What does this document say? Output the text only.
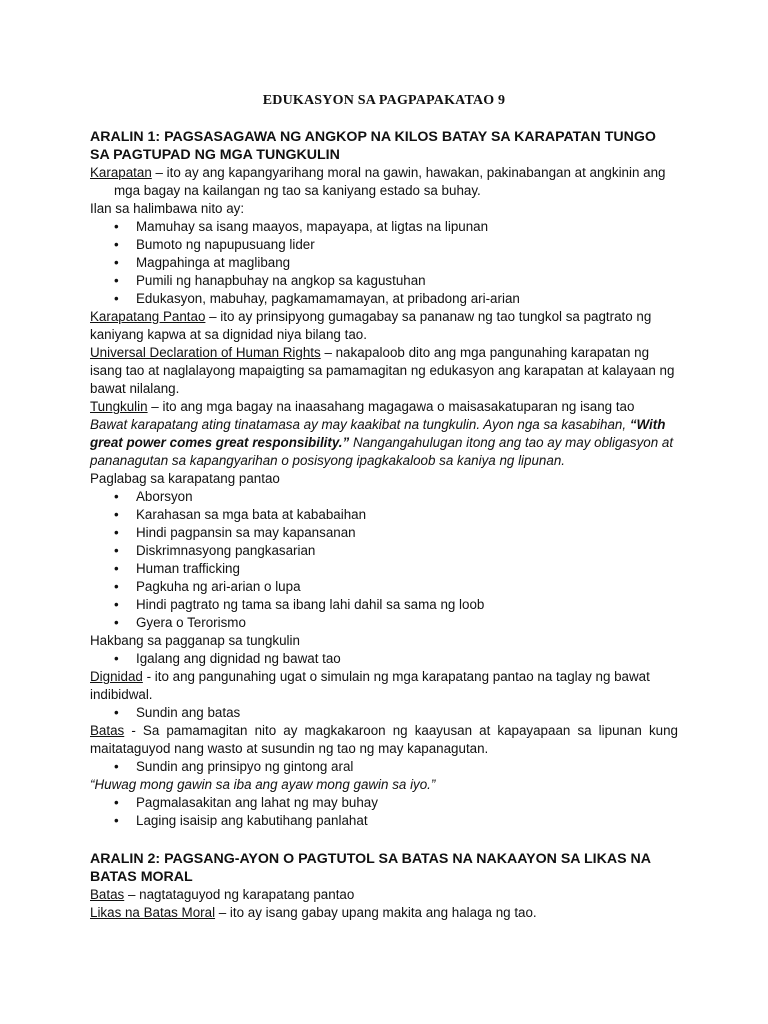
EDUKASYON SA PAGPAPAKATAO 9
ARALIN 1: PAGSASAGAWA NG ANGKOP NA KILOS BATAY SA KARAPATAN TUNGO SA PAGTUPAD NG MGA TUNGKULIN

Karapatan – ito ay ang kapangyarihang moral na gawin, hawakan, pakinabangan at angkinin ang mga bagay na kailangan ng tao sa kaniyang estado sa buhay.

Ilan sa halimbawa nito ay:

• Mamuhay sa isang maayos, mapayapa, at ligtas na lipunan
• Bumoto ng napupusuang lider
• Magpahinga at maglibang
• Pumili ng hanapbuhay na angkop sa kagustuhan
• Edukasyon, mabuhay, pagkamamamayan, at pribadong ari-arian

Karapatang Pantao – ito ay prinsipyong gumagabay sa pananaw ng tao tungkol sa pagtrato ng kaniyang kapwa at sa dignidad niya bilang tao.

Universal Declaration of Human Rights – nakapaloob dito ang mga pangunahing karapatan ng isang tao at naglalayong mapaigting sa pamamagitan ng edukasyon ang karapatan at kalayaan ng bawat nilalang.

Tungkulin – ito ang mga bagay na inaasahang magagawa o maisasakatuparan ng isang tao

Bawat karapatang ating tinatamasa ay may kaakibat na tungkulin. Ayon nga sa kasabihan, “With great power comes great responsibility.” Nangangahulugan itong ang tao ay may obligasyon at pananagutan sa kapangyarihan o posisyong ipagkakaloob sa kaniya ng lipunan.

Paglabag sa karapatang pantao

• Aborsyon
• Karahasan sa mga bata at kababaihan
• Hindi pagpansin sa may kapansanan
• Diskrimnasyong pangkasarian
• Human trafficking
• Pagkuha ng ari-arian o lupa
• Hindi pagtrato ng tama sa ibang lahi dahil sa sama ng loob
• Gyera o Terorismo

Hakbang sa pagganap sa tungkulin

• Igalang ang dignidad ng bawat tao

Dignidad - ito ang pangunahing ugat o simulain ng mga karapatang pantao na taglay ng bawat indibidwal.

• Sundin ang batas

Batas - Sa pamamagitan nito ay magkakaroon ng kaayusan at kapayapaan sa lipunan kung maitataguyod nang wasto at susundin ng tao ng may kapanagutan.

• Sundin ang prinsipyo ng gintong aral

“Huwag mong gawin sa iba ang ayaw mong gawin sa iyo.”

• Pagmalasakitan ang lahat ng may buhay
• Laging isaisip ang kabutihang panlahat
ARALIN 2: PAGSANG-AYON O PAGTUTOL SA BATAS NA NAKAAYON SA LIKAS NA BATAS MORAL

Batas – nagtataguyod ng karapatang pantao

Likas na Batas Moral – ito ay isang gabay upang makita ang halaga ng tao.
